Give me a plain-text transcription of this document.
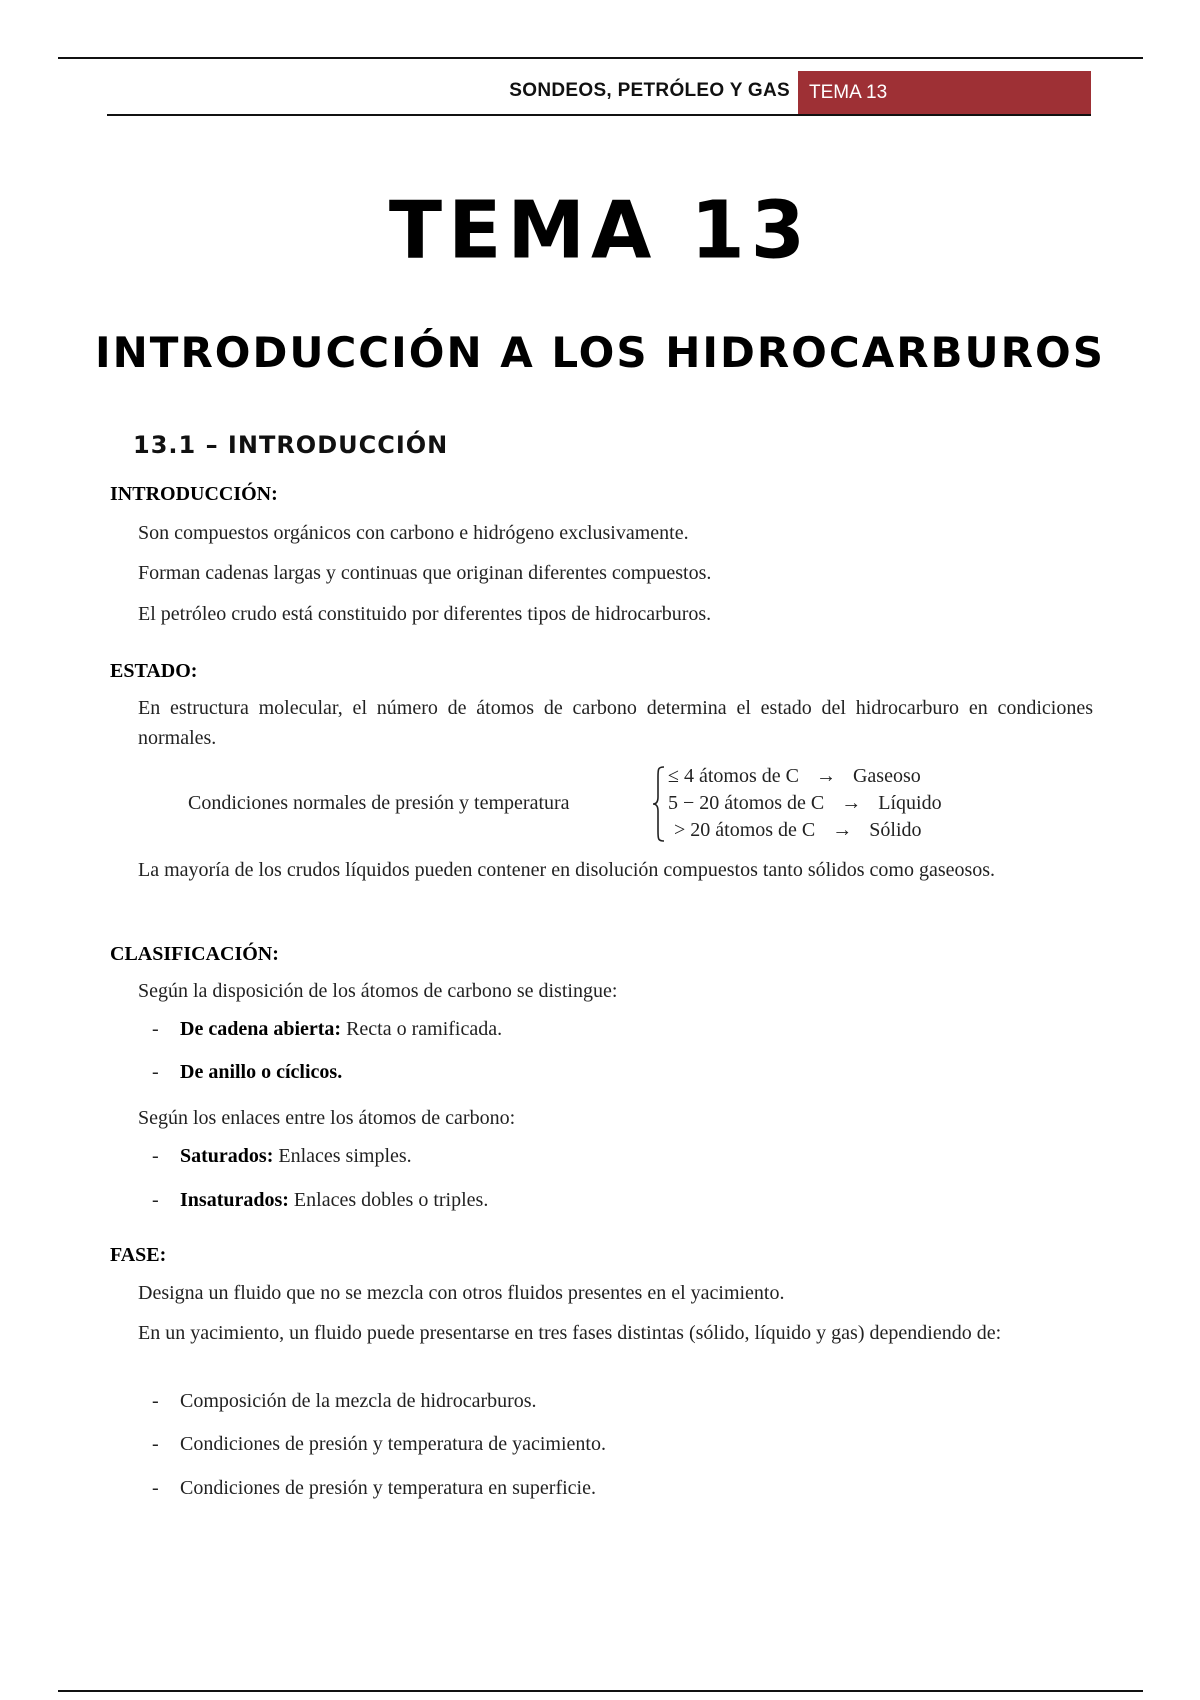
SONDEOS, PETRÓLEO Y GAS	TEMA 13
TEMA 13
INTRODUCCIÓN A LOS HIDROCARBUROS
13.1 – INTRODUCCIÓN
INTRODUCCIÓN:
Son compuestos orgánicos con carbono e hidrógeno exclusivamente.
Forman cadenas largas y continuas que originan diferentes compuestos.
El petróleo crudo está constituido por diferentes tipos de hidrocarburos.
ESTADO:
En estructura molecular, el número de átomos de carbono determina el estado del hidrocarburo en condiciones normales.
Condiciones normales de presión y temperatura
≤ 4 átomos de C → Gaseoso
5 − 20 átomos de C → Líquido
> 20 átomos de C → Sólido
La mayoría de los crudos líquidos pueden contener en disolución compuestos tanto sólidos como gaseosos.
CLASIFICACIÓN:
Según la disposición de los átomos de carbono se distingue:
- De cadena abierta: Recta o ramificada.
- De anillo o cíclicos.
Según los enlaces entre los átomos de carbono:
- Saturados: Enlaces simples.
- Insaturados: Enlaces dobles o triples.
FASE:
Designa un fluido que no se mezcla con otros fluidos presentes en el yacimiento.
En un yacimiento, un fluido puede presentarse en tres fases distintas (sólido, líquido y gas) dependiendo de:
- Composición de la mezcla de hidrocarburos.
- Condiciones de presión y temperatura de yacimiento.
- Condiciones de presión y temperatura en superficie.
